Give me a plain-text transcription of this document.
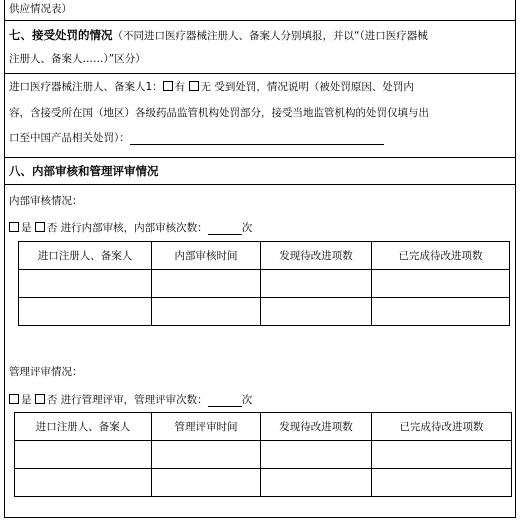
供应情况表）
七、接受处罚的情况（不同进口医疗器械注册人、备案人分别填报，并以“（进口医疗器械
注册人、备案人……）”区分）
进口医疗器械注册人、备案人1： 有 无 受到处罚，情况说明（被处罚原因、处罚内
容，含接受所在国（地区）各级药品监管机构处罚部分，接受当地监管机构的处罚仅填与出
口至中国产品相关处罚）：
八、内部审核和管理评审情况
内部审核情况：
是 否 进行内部审核，内部审核次数：	次
进口注册人、备案人	内部审核时间	发现待改进项数	已完成待改进项数

管理评审情况：
是 否 进行管理评审，管理评审次数：	次
进口注册人、备案人	管理评审时间	发现待改进项数	已完成待改进项数
